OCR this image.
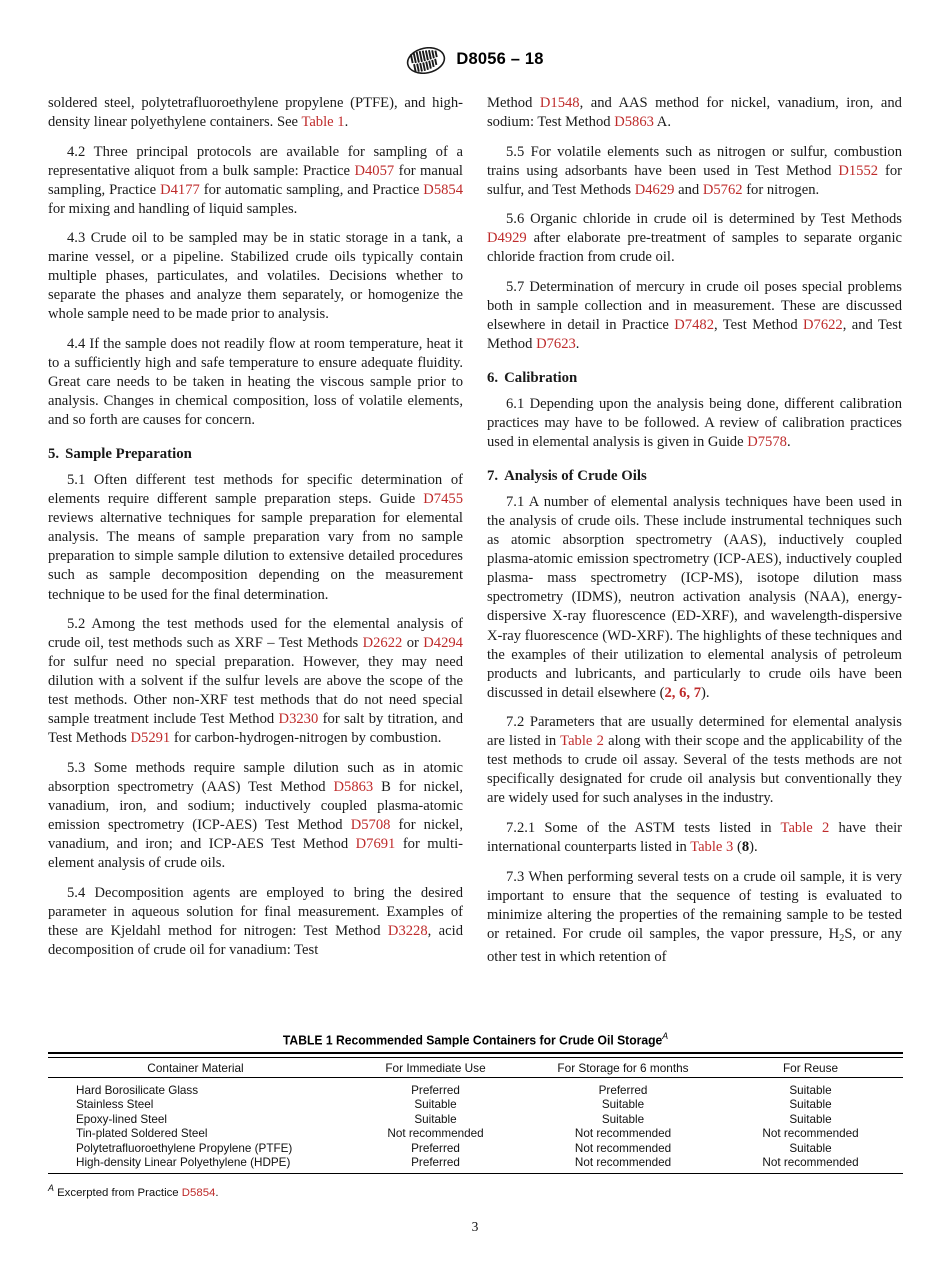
D8056 – 18

soldered steel, polytetrafluoroethylene propylene (PTFE), and high-density linear polyethylene containers. See Table 1.

4.2 Three principal protocols are available for sampling of a representative aliquot from a bulk sample: Practice D4057 for manual sampling, Practice D4177 for automatic sampling, and Practice D5854 for mixing and handling of liquid samples.

4.3 Crude oil to be sampled may be in static storage in a tank, a marine vessel, or a pipeline. Stabilized crude oils typically contain multiple phases, particulates, and volatiles. Decisions whether to separate the phases and analyze them separately, or homogenize the whole sample need to be made prior to analysis.

4.4 If the sample does not readily flow at room temperature, heat it to a sufficiently high and safe temperature to ensure adequate fluidity. Great care needs to be taken in heating the viscous sample prior to analysis. Changes in chemical composition, loss of volatile elements, and so forth are causes for concern.

5. Sample Preparation

5.1 Often different test methods for specific determination of elements require different sample preparation steps. Guide D7455 reviews alternative techniques for sample preparation for elemental analysis. The means of sample preparation vary from no sample preparation to simple sample dilution to extensive detailed procedures such as sample decomposition depending on the measurement technique to be used for the final determination.

5.2 Among the test methods used for the elemental analysis of crude oil, test methods such as XRF – Test Methods D2622 or D4294 for sulfur need no special preparation. However, they may need dilution with a solvent if the sulfur levels are above the scope of the test methods. Other non-XRF test methods that do not need special sample treatment include Test Method D3230 for salt by titration, and Test Methods D5291 for carbon-hydrogen-nitrogen by combustion.

5.3 Some methods require sample dilution such as in atomic absorption spectrometry (AAS) Test Method D5863 B for nickel, vanadium, iron, and sodium; inductively coupled plasma-atomic emission spectrometry (ICP-AES) Test Method D5708 for nickel, vanadium, and iron; and ICP-AES Test Method D7691 for multi-element analysis of crude oils.

5.4 Decomposition agents are employed to bring the desired parameter in aqueous solution for final measurement. Examples of these are Kjeldahl method for nitrogen: Test Method D3228, acid decomposition of crude oil for vanadium: Test

Method D1548, and AAS method for nickel, vanadium, iron, and sodium: Test Method D5863 A.

5.5 For volatile elements such as nitrogen or sulfur, combustion trains using adsorbants have been used in Test Method D1552 for sulfur, and Test Methods D4629 and D5762 for nitrogen.

5.6 Organic chloride in crude oil is determined by Test Methods D4929 after elaborate pre-treatment of samples to separate organic chloride fraction from crude oil.

5.7 Determination of mercury in crude oil poses special problems both in sample collection and in measurement. These are discussed elsewhere in detail in Practice D7482, Test Method D7622, and Test Method D7623.

6. Calibration

6.1 Depending upon the analysis being done, different calibration practices may have to be followed. A review of calibration practices used in elemental analysis is given in Guide D7578.

7. Analysis of Crude Oils

7.1 A number of elemental analysis techniques have been used in the analysis of crude oils. These include instrumental techniques such as atomic absorption spectrometry (AAS), inductively coupled plasma-atomic emission spectrometry (ICP-AES), inductively coupled plasma- mass spectrometry (ICP-MS), isotope dilution mass spectrometry (IDMS), neutron activation analysis (NAA), energy-dispersive X-ray fluorescence (ED-XRF), and wavelength-dispersive X-ray fluorescence (WD-XRF). The highlights of these techniques and the examples of their utilization to elemental analysis of petroleum products and lubricants, and particularly to crude oils have been discussed in detail elsewhere (2, 6, 7).

7.2 Parameters that are usually determined for elemental analysis are listed in Table 2 along with their scope and the applicability of the test methods to crude oil assay. Several of the tests methods are not specifically designated for crude oil analysis but conventionally they are widely used for such analyses in the industry.

7.2.1 Some of the ASTM tests listed in Table 2 have their international counterparts listed in Table 3 (8).

7.3 When performing several tests on a crude oil sample, it is very important to ensure that the sequence of testing is evaluated to minimize altering the properties of the remaining sample to be tested or retained. For crude oil samples, the vapor pressure, $H_2S$, or any other test in which retention of

TABLE 1 Recommended Sample Containers for Crude Oil Storage$^A$

Container Material	For Immediate Use	For Storage for 6 months	For Reuse

Hard Borosilicate Glass	Preferred	Preferred	Suitable
Stainless Steel	Suitable	Suitable	Suitable
Epoxy-lined Steel	Suitable	Suitable	Suitable
Tin-plated Soldered Steel	Not recommended	Not recommended	Not recommended
Polytetrafluoroethylene Propylene (PTFE)	Preferred	Not recommended	Suitable
High-density Linear Polyethylene (HDPE)	Preferred	Not recommended	Not recommended

$^A$ Excerpted from Practice D5854.
3
